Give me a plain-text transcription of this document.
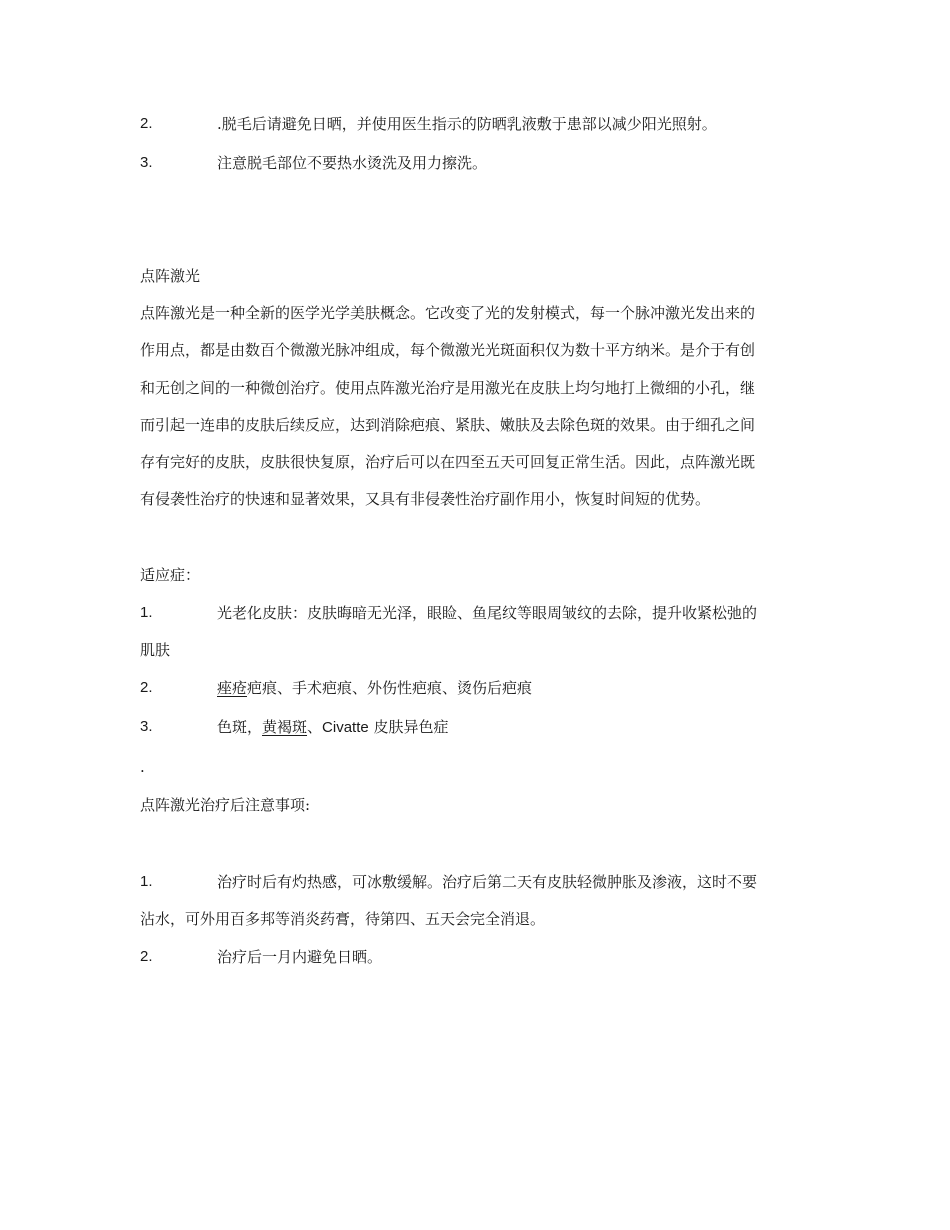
2.	.脱毛后请避免日晒，并使用医生指示的防晒乳液敷于患部以减少阳光照射。
3.	注意脱毛部位不要热水烫洗及用力擦洗。
点阵激光
点阵激光是一种全新的医学光学美肤概念。它改变了光的发射模式，每一个脉冲激光发出来的
作用点，都是由数百个微激光脉冲组成，每个微激光光斑面积仅为数十平方纳米。是介于有创
和无创之间的一种微创治疗。使用点阵激光治疗是用激光在皮肤上均匀地打上微细的小孔，继
而引起一连串的皮肤后续反应，达到消除疤痕、紧肤、嫩肤及去除色斑的效果。由于细孔之间
存有完好的皮肤，皮肤很快复原，治疗后可以在四至五天可回复正常生活。因此，点阵激光既
有侵袭性治疗的快速和显著效果，又具有非侵袭性治疗副作用小，恢复时间短的优势。
适应症：
1.	光老化皮肤：皮肤晦暗无光泽，眼睑、鱼尾纹等眼周皱纹的去除，提升收紧松弛的
肌肤
2.	痤疮疤痕、手术疤痕、外伤性疤痕、烫伤后疤痕
3.	色斑，黄褐斑、Civatte 皮肤异色症
.
点阵激光治疗后注意事项:
1.	治疗时后有灼热感，可冰敷缓解。治疗后第二天有皮肤轻微肿胀及渗液，这时不要
沾水，可外用百多邦等消炎药膏，待第四、五天会完全消退。
2.	治疗后一月内避免日晒。
